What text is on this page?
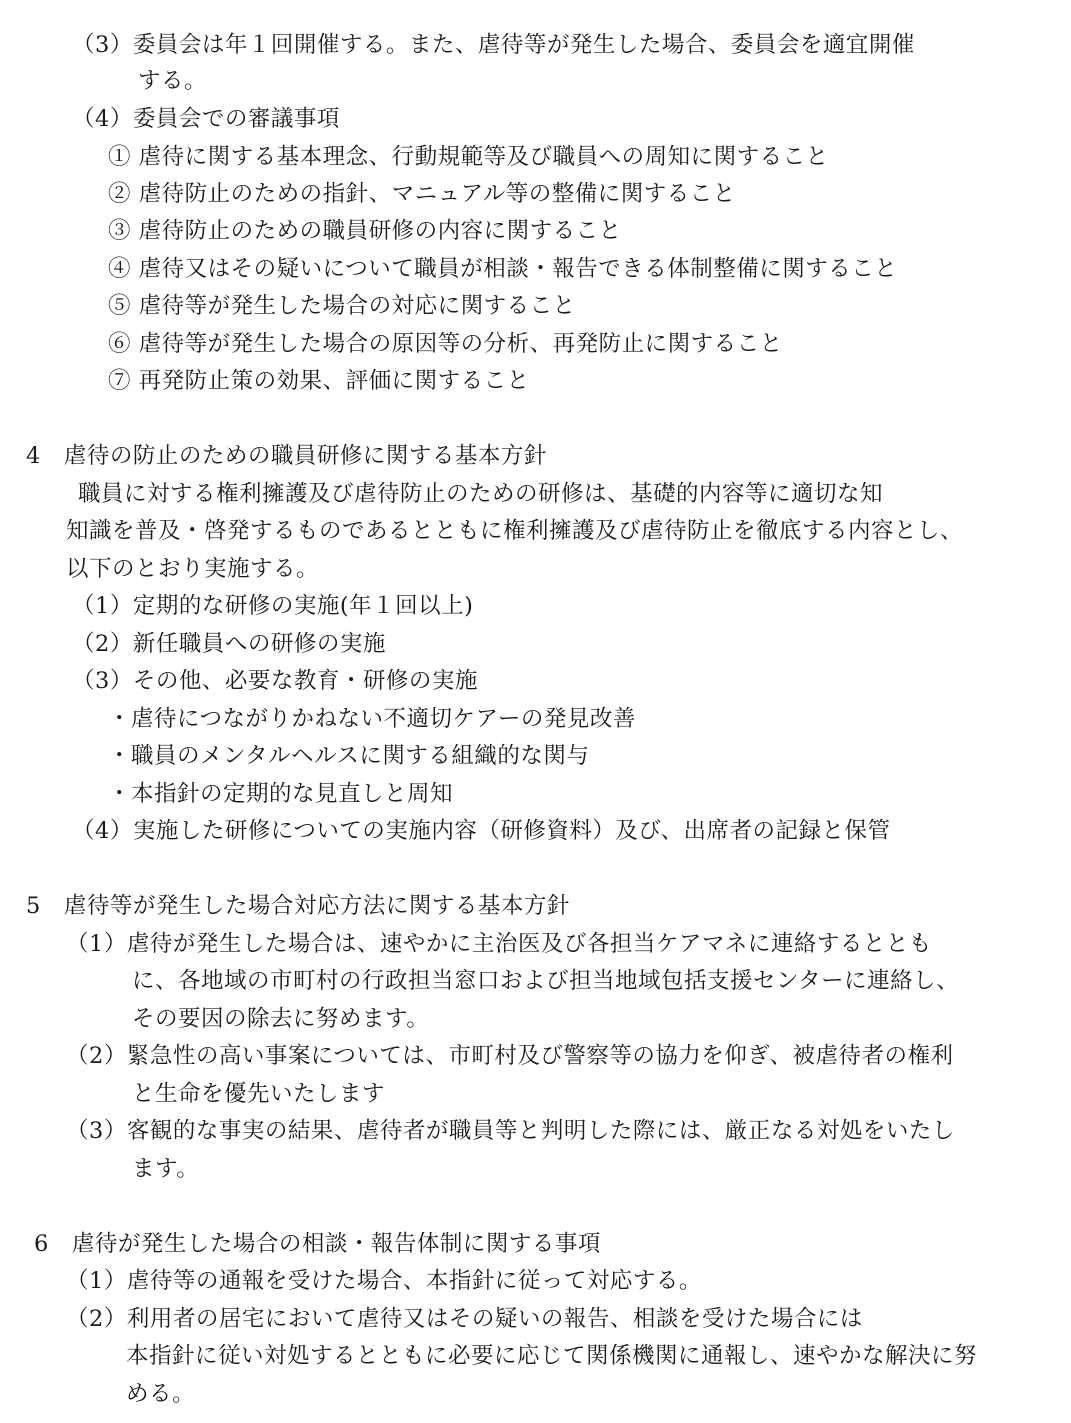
（3）委員会は年１回開催する。また、虐待等が発生した場合、委員会を適宜開催
する。
（4）委員会での審議事項
① 虐待に関する基本理念、行動規範等及び職員への周知に関すること
② 虐待防止のための指針、マニュアル等の整備に関すること
③ 虐待防止のための職員研修の内容に関すること
④ 虐待又はその疑いについて職員が相談・報告できる体制整備に関すること
⑤ 虐待等が発生した場合の対応に関すること
⑥ 虐待等が発生した場合の原因等の分析、再発防止に関すること
⑦ 再発防止策の効果、評価に関すること
4　虐待の防止のための職員研修に関する基本方針
職員に対する権利擁護及び虐待防止のための研修は、基礎的内容等に適切な知
知識を普及・啓発するものであるとともに権利擁護及び虐待防止を徹底する内容とし、
以下のとおり実施する。
（1）定期的な研修の実施(年１回以上)
（2）新任職員への研修の実施
（3）その他、必要な教育・研修の実施
・虐待につながりかねない不適切ケアーの発見改善
・職員のメンタルヘルスに関する組織的な関与
・本指針の定期的な見直しと周知
（4）実施した研修についての実施内容（研修資料）及び、出席者の記録と保管
5　虐待等が発生した場合対応方法に関する基本方針
（1）虐待が発生した場合は、速やかに主治医及び各担当ケアマネに連絡するととも
に、各地域の市町村の行政担当窓口および担当地域包括支援センターに連絡し、
その要因の除去に努めます。
（2）緊急性の高い事案については、市町村及び警察等の協力を仰ぎ、被虐待者の権利
と生命を優先いたします
（3）客観的な事実の結果、虐待者が職員等と判明した際には、厳正なる対処をいたし
ます。
6　虐待が発生した場合の相談・報告体制に関する事項
（1）虐待等の通報を受けた場合、本指針に従って対応する。
（2）利用者の居宅において虐待又はその疑いの報告、相談を受けた場合には
本指針に従い対処するとともに必要に応じて関係機関に通報し、速やかな解決に努
める。
